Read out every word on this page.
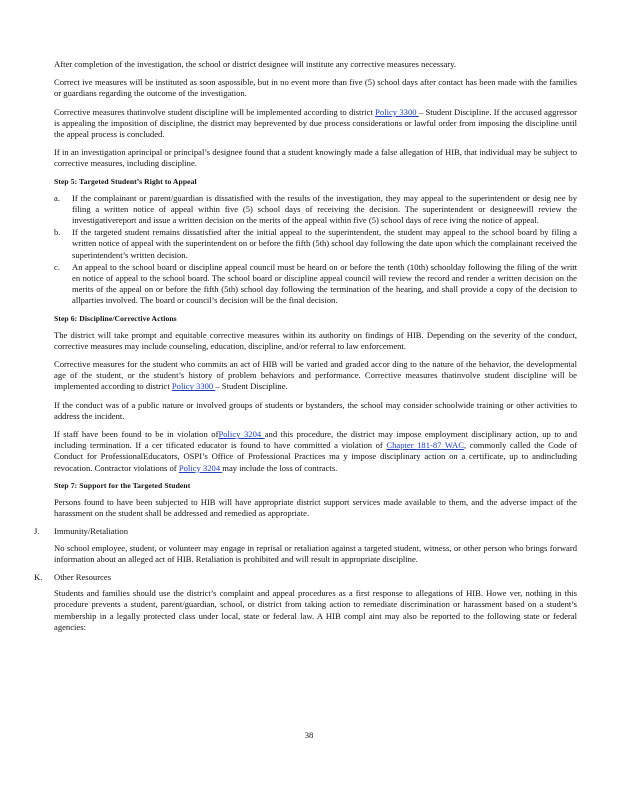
After completion of the investigation, the school or district designee will institute any corrective measures necessary.

Correct ive measures will be instituted as soon aspossible, but in no event more than five (5) school days after contact has been made with the families or guardians regarding the outcome of the investigation.

Corrective measures thatinvolve student discipline will be implemented according to district Policy 3300 – Student Discipline. If the accused aggressor is appealing the imposition of discipline, the district may beprevented by due process considerations or lawful order from imposing the discipline until the appeal process is concluded.

If in an investigation aprincipal or principal’s designee found that a student knowingly made a false allegation of HIB, that individual may be subject to corrective measures, including discipline.

Step 5: Targeted Student’s Right to Appeal
a. If the complainant or parent/guardian is dissatisfied with the results of the investigation, they may appeal to the superintendent or desig nee by filing a written notice of appeal within five (5) school days of receiving the decision. The superintendent or designeewill review the investigativereport and issue a written decision on the merits of the appeal within five (5) school days of rece iving the notice of appeal.
b. If the targeted student remains dissatisfied after the initial appeal to the superintendent, the student may appeal to the school board by filing a written notice of appeal with the superintendent on or before the fifth (5th) school day following the date upon which the complainant received the superintendent’s written decision.
c. An appeal to the school board or discipline appeal council must be heard on or before the tenth (10th) schoolday following the filing of the writt en notice of appeal to the school board. The school board or discipline appeal council will review the record and render a written decision on the merits of the appeal on or before the fifth (5th) school day following the termination of the hearing, and shall provide a copy of the decision to allparties involved. The board or council’s decision will be the final decision.
Step 6: Discipline/Corrective Actions

The district will take prompt and equitable corrective measures within its authority on findings of HIB. Depending on the severity of the conduct, corrective measures may include counseling, education, discipline, and/or referral to law enforcement.

Corrective measures for the student who commits an act of HIB will be varied and graded accor ding to the nature of the behavior, the developmental age of the student, or the student’s history of problem behaviors and performance. Corrective measures thatinvolve student discipline will be implemented according to district Policy 3300 – Student Discipline.

If the conduct was of a public nature or involved groups of students or bystanders, the school may consider schoolwide training or other activities to address the incident.

If staff have been found to be in violation ofPolicy 3204 and this procedure, the district may impose employment disciplinary action, up to and including termination. If a cer tificated educator is found to have committed a violation of Chapter 181-87 WAC, commonly called the Code of Conduct for ProfessionalEducators, OSPI’s Office of Professional Practices ma y impose disciplinary action on a certificate, up to andincluding revocation. Contractor violations of Policy 3204 may include the loss of contracts.

Step 7: Support for the Targeted Student

Persons found to have been subjected to HIB will have appropriate district support services made available to them, and the adverse impact of the harassment on the student shall be addressed and remedied as appropriate.

J. Immunity/Retaliation

No school employee, student, or volunteer may engage in reprisal or retaliation against a targeted student, witness, or other person who brings forward information about an alleged act of HIB. Retaliation is prohibited and will result in appropriate discipline.

K. Other Resources

Students and families should use the district’s complaint and appeal procedures as a first response to allegations of HIB. Howe ver, nothing in this procedure prevents a student, parent/guardian, school, or district from taking action to remediate discrimination or harassment based on a student’s membership in a legally protected class under local, state or federal law. A HIB compl aint may also be reported to the following state or federal agencies:

38
